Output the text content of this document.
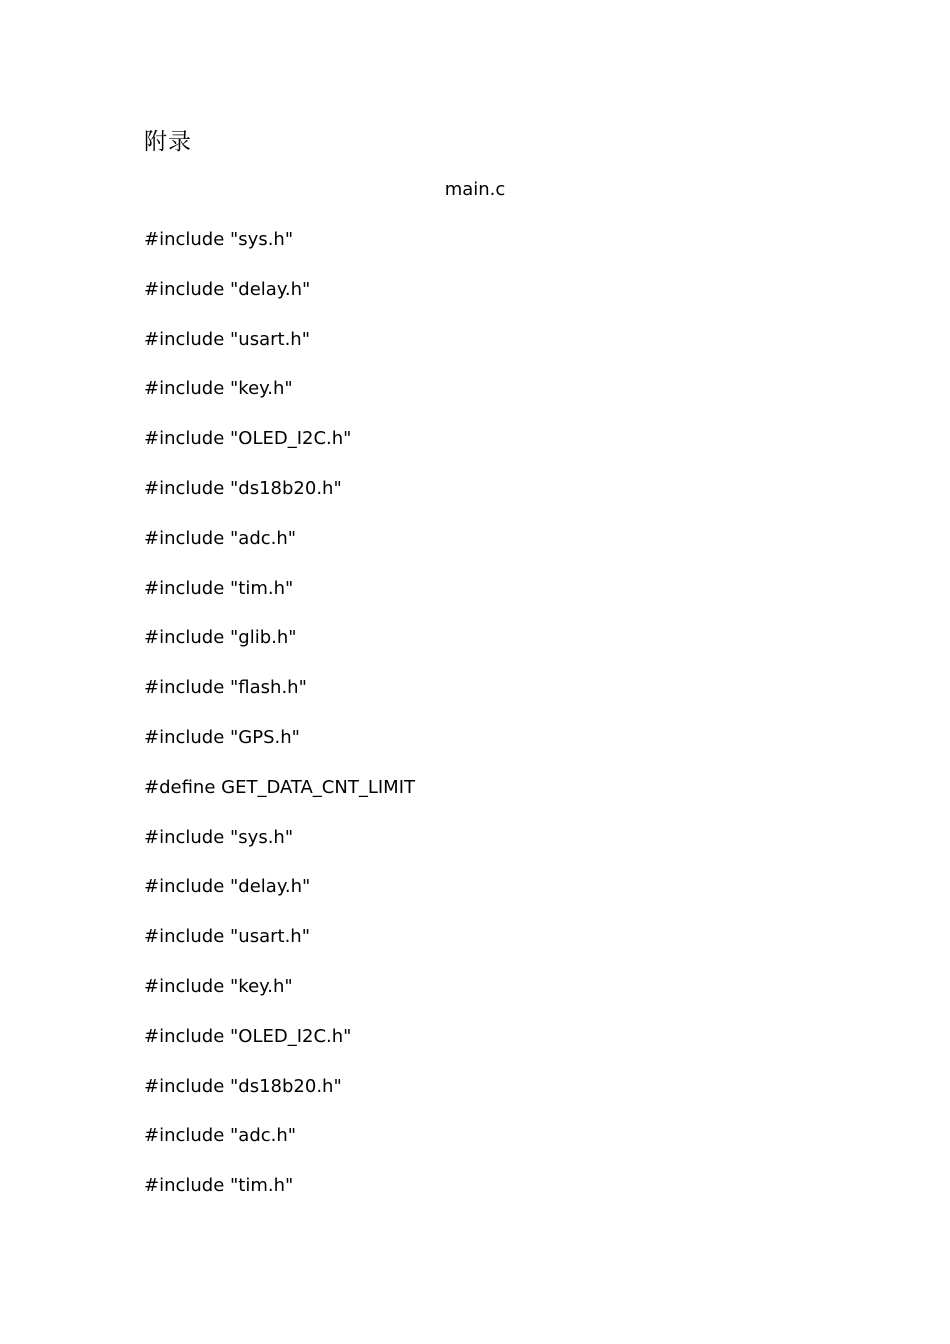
附录
main.c
#include "sys.h"
#include "delay.h"
#include "usart.h"
#include "key.h"
#include "OLED_I2C.h"
#include "ds18b20.h"
#include "adc.h"
#include "tim.h"
#include "glib.h"
#include "flash.h"
#include "GPS.h"
#define GET_DATA_CNT_LIMIT
#include "sys.h"
#include "delay.h"
#include "usart.h"
#include "key.h"
#include "OLED_I2C.h"
#include "ds18b20.h"
#include "adc.h"
#include "tim.h"
